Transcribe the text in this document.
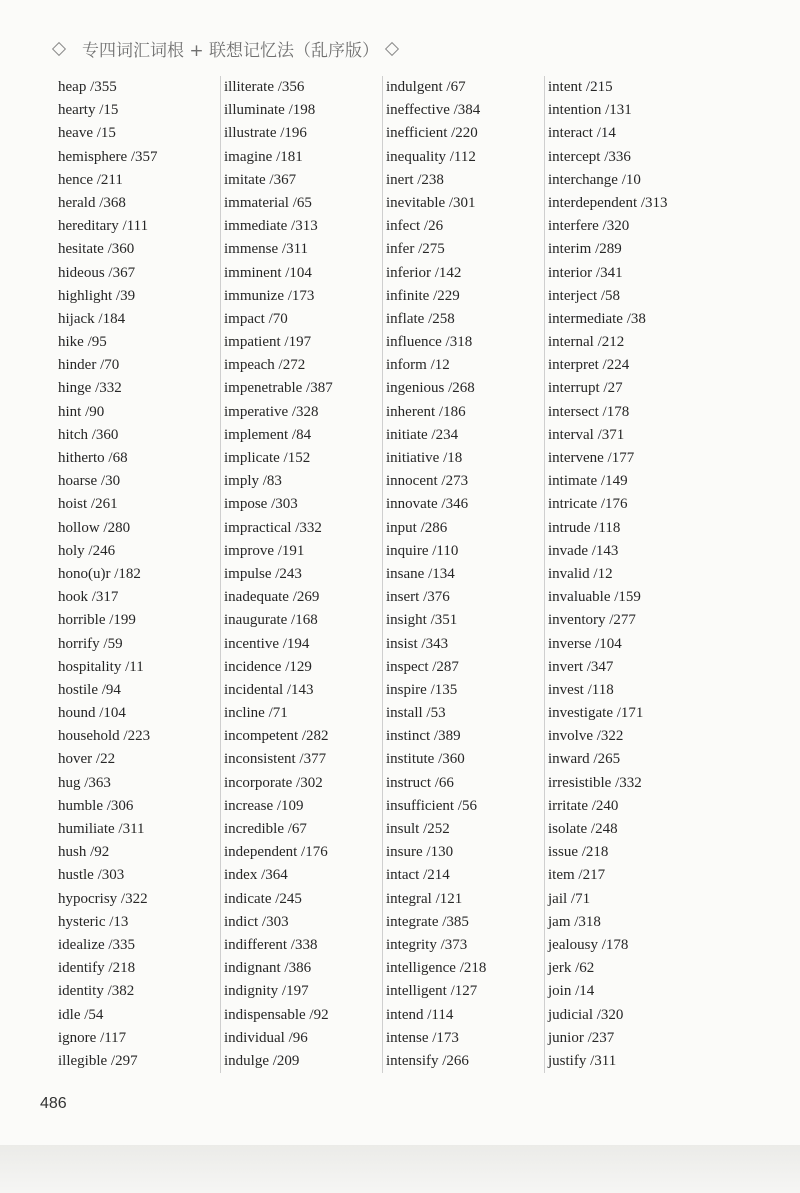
专四词汇词根 + 联想记忆法（乱序版）
heap /355
hearty /15
heave /15
hemisphere /357
hence /211
herald /368
hereditary /111
hesitate /360
hideous /367
highlight /39
hijack /184
hike /95
hinder /70
hinge /332
hint /90
hitch /360
hitherto /68
hoarse /30
hoist /261
hollow /280
holy /246
hono(u)r /182
hook /317
horrible /199
horrify /59
hospitality /11
hostile /94
hound /104
household /223
hover /22
hug /363
humble /306
humiliate /311
hush /92
hustle /303
hypocrisy /322
hysteric /13
idealize /335
identify /218
identity /382
idle /54
ignore /117
illegible /297
illiterate /356
illuminate /198
illustrate /196
imagine /181
imitate /367
immaterial /65
immediate /313
immense /311
imminent /104
immunize /173
impact /70
impatient /197
impeach /272
impenetrable /387
imperative /328
implement /84
implicate /152
imply /83
impose /303
impractical /332
improve /191
impulse /243
inadequate /269
inaugurate /168
incentive /194
incidence /129
incidental /143
incline /71
incompetent /282
inconsistent /377
incorporate /302
increase /109
incredible /67
independent /176
index /364
indicate /245
indict /303
indifferent /338
indignant /386
indignity /197
indispensable /92
individual /96
indulge /209
indulgent /67
ineffective /384
inefficient /220
inequality /112
inert /238
inevitable /301
infect /26
infer /275
inferior /142
infinite /229
inflate /258
influence /318
inform /12
ingenious /268
inherent /186
initiate /234
initiative /18
innocent /273
innovate /346
input /286
inquire /110
insane /134
insert /376
insight /351
insist /343
inspect /287
inspire /135
install /53
instinct /389
institute /360
instruct /66
insufficient /56
insult /252
insure /130
intact /214
integral /121
integrate /385
integrity /373
intelligence /218
intelligent /127
intend /114
intense /173
intensify /266
intent /215
intention /131
interact /14
intercept /336
interchange /10
interdependent /313
interfere /320
interim /289
interior /341
interject /58
intermediate /38
internal /212
interpret /224
interrupt /27
intersect /178
interval /371
intervene /177
intimate /149
intricate /176
intrude /118
invade /143
invalid /12
invaluable /159
inventory /277
inverse /104
invert /347
invest /118
investigate /171
involve /322
inward /265
irresistible /332
irritate /240
isolate /248
issue /218
item /217
jail /71
jam /318
jealousy /178
jerk /62
join /14
judicial /320
junior /237
justify /311
486
